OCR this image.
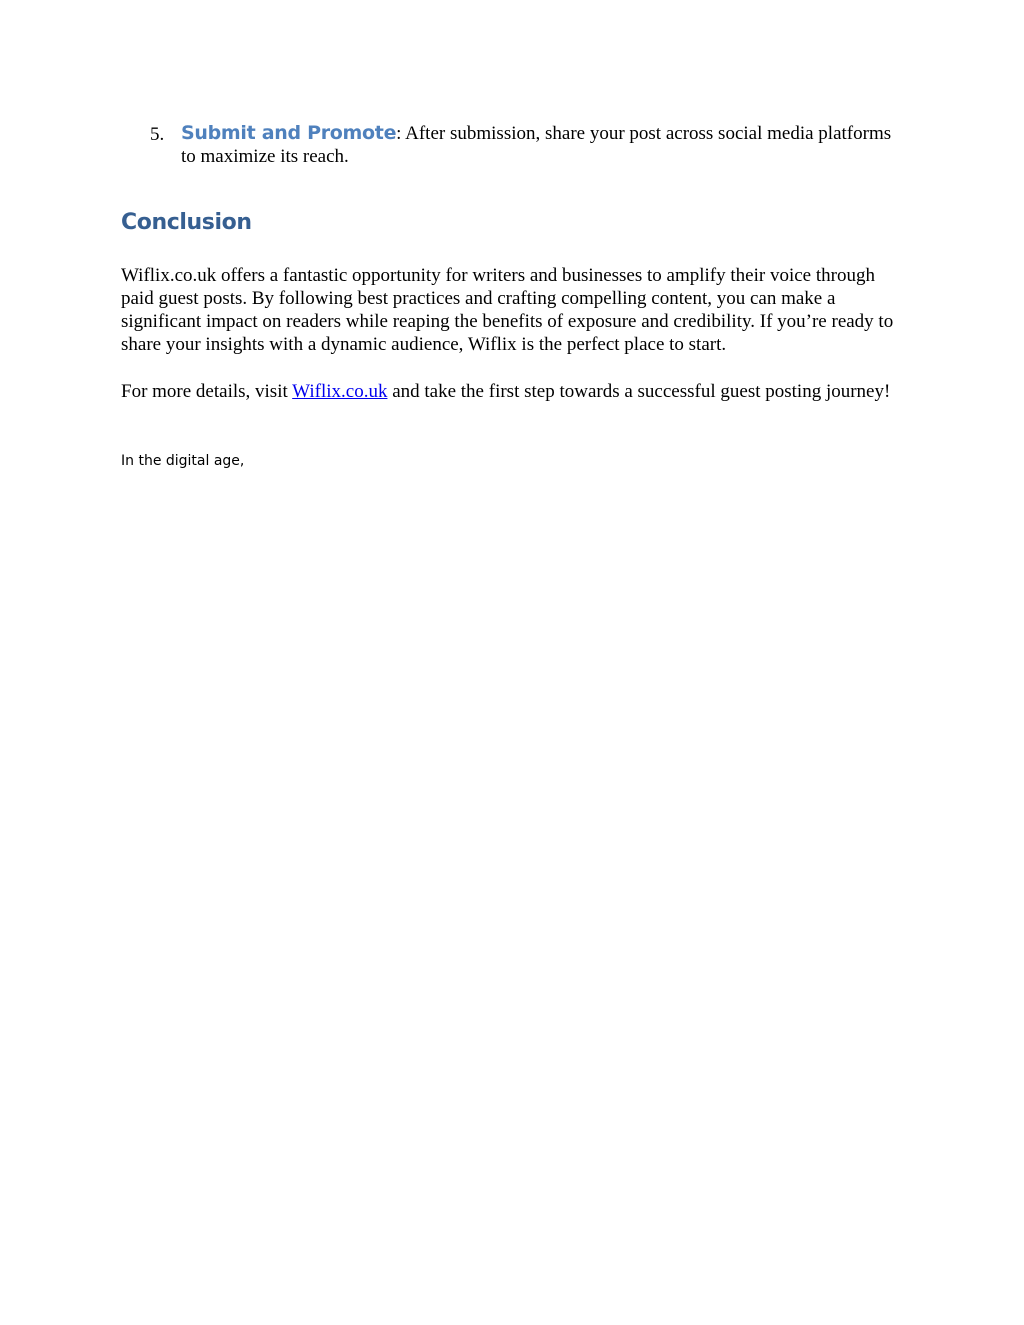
5. Submit and Promote: After submission, share your post across social media platforms to maximize its reach.
Conclusion

Wiflix.co.uk offers a fantastic opportunity for writers and businesses to amplify their voice through paid guest posts. By following best practices and crafting compelling content, you can make a significant impact on readers while reaping the benefits of exposure and credibility. If you’re ready to share your insights with a dynamic audience, Wiflix is the perfect place to start.

For more details, visit Wiflix.co.uk and take the first step towards a successful guest posting journey!

In the digital age,
